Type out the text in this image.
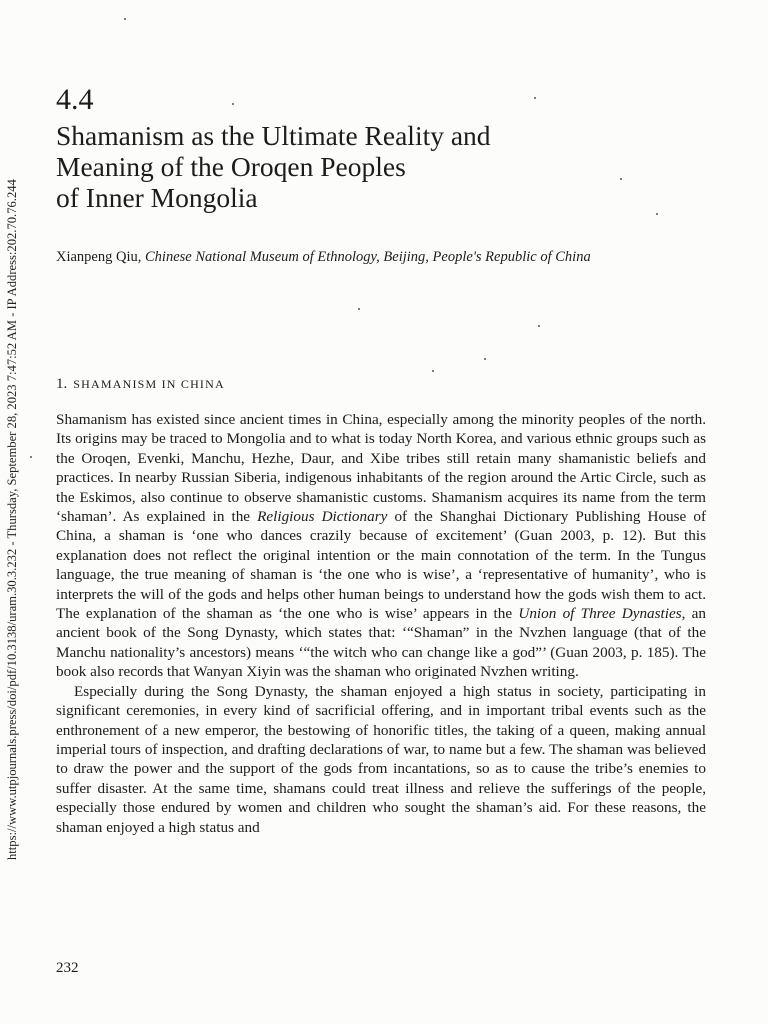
https://www.utpjournals.press/doi/pdf/10.3138/uram.30.3.232 - Thursday, September 28, 2023 7:47:52 AM - IP Address:202.70.76.244
4.4
Shamanism as the Ultimate Reality and
Meaning of the Oroqen Peoples
of Inner Mongolia
Xianpeng Qiu, Chinese National Museum of Ethnology, Beijing, People's Republic of China
1. SHAMANISM IN CHINA

Shamanism has existed since ancient times in China, especially among the minority peoples of the north. Its origins may be traced to Mongolia and to what is today North Korea, and various ethnic groups such as the Oroqen, Evenki, Manchu, Hezhe, Daur, and Xibe tribes still retain many shamanistic beliefs and practices. In nearby Russian Siberia, indigenous inhabitants of the region around the Artic Circle, such as the Eskimos, also continue to observe shamanistic customs. Shamanism acquires its name from the term ‘shaman’. As explained in the Religious Dictionary of the Shanghai Dictionary Publishing House of China, a shaman is ‘one who dances crazily because of excitement’ (Guan 2003, p. 12). But this explanation does not reflect the original intention or the main connotation of the term. In the Tungus language, the true meaning of shaman is ‘the one who is wise’, a ‘representative of humanity’, who is interprets the will of the gods and helps other human beings to understand how the gods wish them to act. The explanation of the shaman as ‘the one who is wise’ appears in the Union of Three Dynasties, an ancient book of the Song Dynasty, which states that: ‘“Shaman” in the Nvzhen language (that of the Manchu nationality’s ancestors) means ‘“the witch who can change like a god”’ (Guan 2003, p. 185). The book also records that Wanyan Xiyin was the shaman who originated Nvzhen writing.

Especially during the Song Dynasty, the shaman enjoyed a high status in society, participating in significant ceremonies, in every kind of sacrificial offering, and in important tribal events such as the enthronement of a new emperor, the bestowing of honorific titles, the taking of a queen, making annual imperial tours of inspection, and drafting declarations of war, to name but a few. The shaman was believed to draw the power and the support of the gods from incantations, so as to cause the tribe’s enemies to suffer disaster. At the same time, shamans could treat illness and relieve the sufferings of the people, especially those endured by women and children who sought the shaman’s aid. For these reasons, the shaman enjoyed a high status and

232
